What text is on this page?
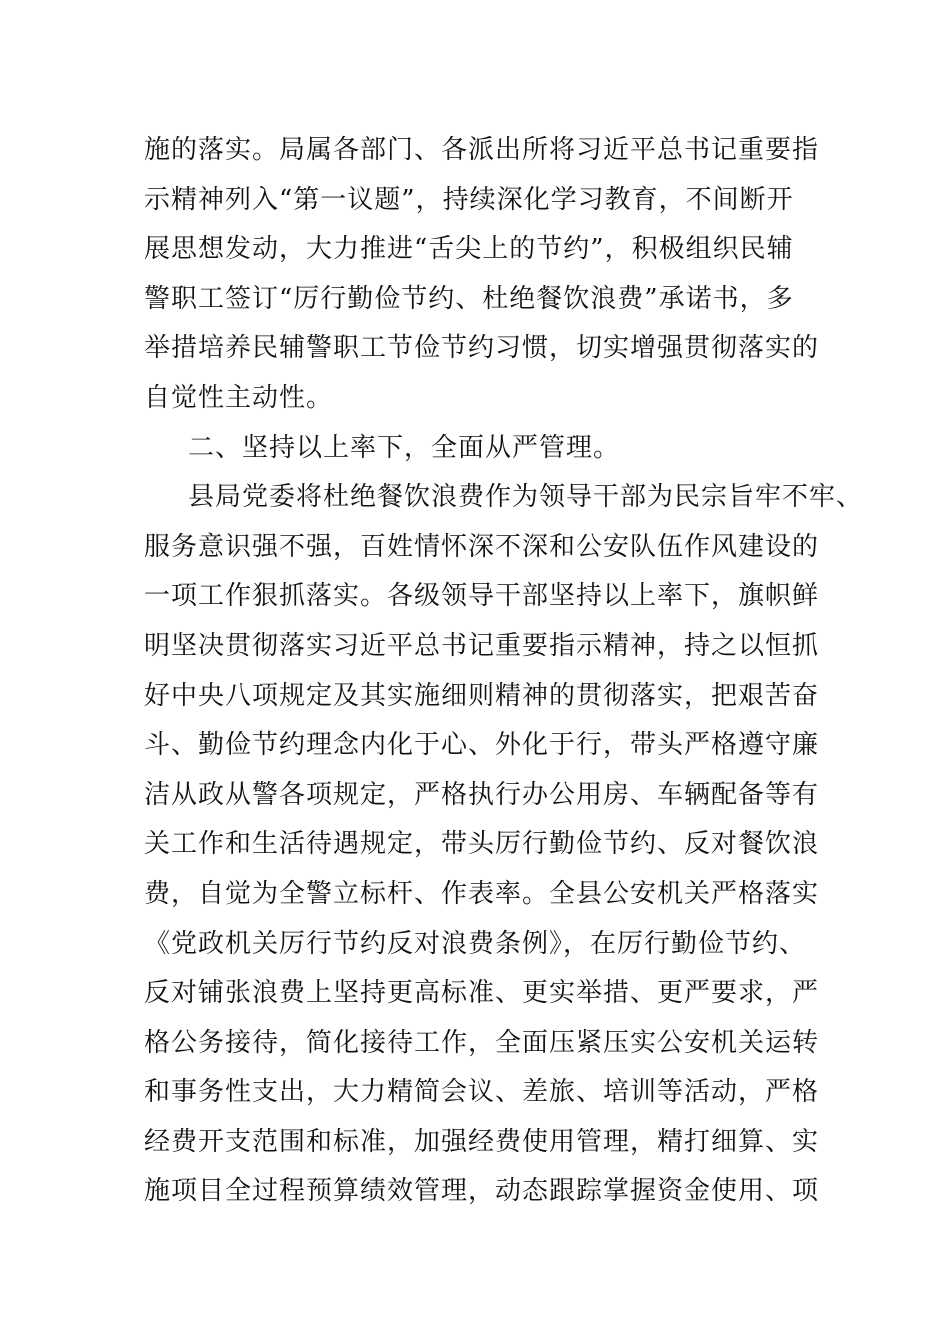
施的落实。局属各部门、各派出所将习近平总书记重要指
示精神列入“第一议题”，持续深化学习教育，不间断开
展思想发动，大力推进“舌尖上的节约”，积极组织民辅
警职工签订“厉行勤俭节约、杜绝餐饮浪费”承诺书，多
举措培养民辅警职工节俭节约习惯，切实增强贯彻落实的
自觉性主动性。
二、坚持以上率下，全面从严管理。
县局党委将杜绝餐饮浪费作为领导干部为民宗旨牢不牢、
服务意识强不强，百姓情怀深不深和公安队伍作风建设的
一项工作狠抓落实。各级领导干部坚持以上率下，旗帜鲜
明坚决贯彻落实习近平总书记重要指示精神，持之以恒抓
好中央八项规定及其实施细则精神的贯彻落实，把艰苦奋
斗、勤俭节约理念内化于心、外化于行，带头严格遵守廉
洁从政从警各项规定，严格执行办公用房、车辆配备等有
关工作和生活待遇规定，带头厉行勤俭节约、反对餐饮浪
费，自觉为全警立标杆、作表率。全县公安机关严格落实
《党政机关厉行节约反对浪费条例》，在厉行勤俭节约、
反对铺张浪费上坚持更高标准、更实举措、更严要求，严
格公务接待，简化接待工作，全面压紧压实公安机关运转
和事务性支出，大力精简会议、差旅、培训等活动，严格
经费开支范围和标准，加强经费使用管理，精打细算、实
施项目全过程预算绩效管理，动态跟踪掌握资金使用、项
